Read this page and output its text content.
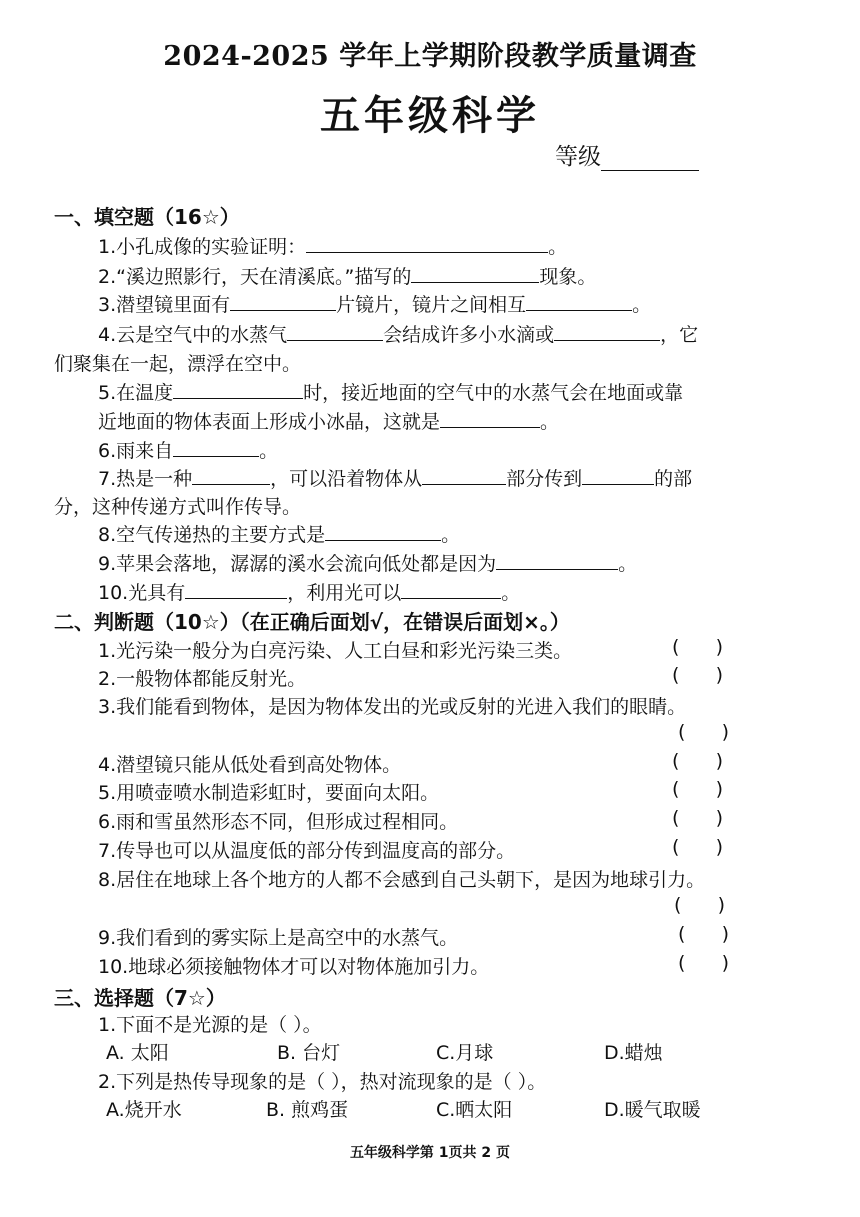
2024-2025 学年上学期阶段教学质量调查
五年级科学
等级
一、填空题（16☆）
1.小孔成像的实验证明：	。
2.“溪边照影行，天在清溪底。”描写的	现象。
3.潜望镜里面有	片镜片，镜片之间相互	。
4.云是空气中的水蒸气	会结成许多小水滴或	，它
们聚集在一起，漂浮在空中。
5.在温度	时，接近地面的空气中的水蒸气会在地面或靠
近地面的物体表面上形成小冰晶，这就是	。
6.雨来自	。
7.热是一种	，可以沿着物体从	部分传到	的部
分，这种传递方式叫作传导。
8.空气传递热的主要方式是	。
9.苹果会落地，潺潺的溪水会流向低处都是因为	。
10.光具有	，利用光可以	。
二、判断题（10☆）（在正确后面划√，在错误后面划×。）
1.光污染一般分为白亮污染、人工白昼和彩光污染三类。	(      )
2.一般物体都能反射光。	(      )
3.我们能看到物体，是因为物体发出的光或反射的光进入我们的眼睛。
(      )
4.潜望镜只能从低处看到高处物体。	(      )
5.用喷壶喷水制造彩虹时，要面向太阳。	(      )
6.雨和雪虽然形态不同，但形成过程相同。	(      )
7.传导也可以从温度低的部分传到温度高的部分。	(      )
8.居住在地球上各个地方的人都不会感到自己头朝下，是因为地球引力。
(      )
9.我们看到的雾实际上是高空中的水蒸气。	(      )
10.地球必须接触物体才可以对物体施加引力。	(      )
三、选择题（7☆）
1.下面不是光源的是（ ）。
A. 太阳	B. 台灯	C.月球	D.蜡烛
2.下列是热传导现象的是（ ），热对流现象的是（ ）。
A.烧开水	B. 煎鸡蛋	C.晒太阳	D.暖气取暖
五年级科学第 1页共 2 页
